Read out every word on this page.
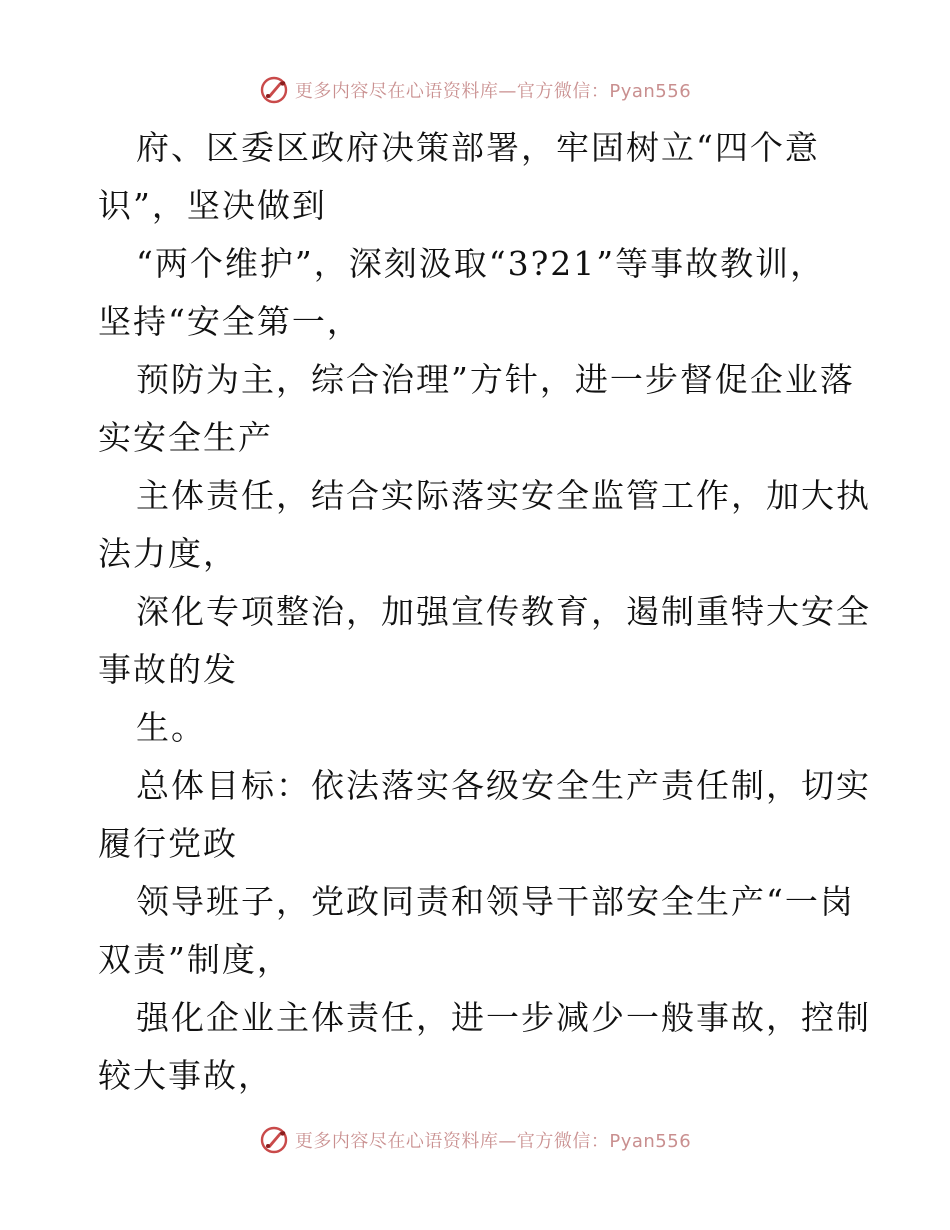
更多内容尽在心语资料库—官方微信：Pyan556
府、区委区政府决策部署，牢固树立“四个意
识”，坚决做到
“两个维护”，深刻汲取“3?21”等事故教训，
坚持“安全第一，
预防为主，综合治理”方针，进一步督促企业落
实安全生产
主体责任，结合实际落实安全监管工作，加大执
法力度，
深化专项整治，加强宣传教育，遏制重特大安全
事故的发
生。
总体目标：依法落实各级安全生产责任制，切实
履行党政
领导班子，党政同责和领导干部安全生产“一岗
双责”制度，
强化企业主体责任，进一步减少一般事故，控制
较大事故，
更多内容尽在心语资料库—官方微信：Pyan556
